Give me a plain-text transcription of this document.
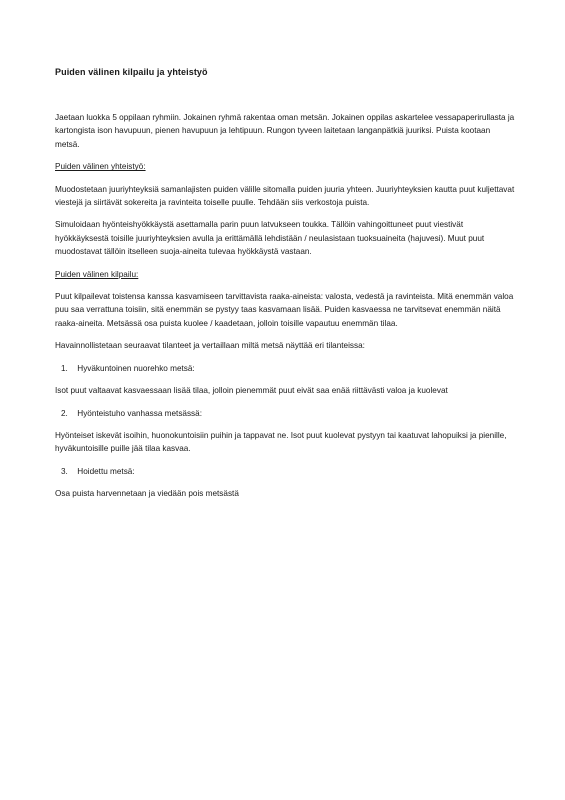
Puiden välinen kilpailu ja yhteistyö

Jaetaan luokka 5 oppilaan ryhmiin. Jokainen ryhmä rakentaa oman metsän. Jokainen oppilas askartelee vessapaperirullasta ja kartongista ison havupuun, pienen havupuun ja lehtipuun. Rungon tyveen laitetaan langanpätkiä juuriksi. Puista kootaan metsä.

Puiden välinen yhteistyö:

Muodostetaan juuriyhteyksiä samanlajisten puiden välille sitomalla puiden juuria yhteen. Juuriyhteyksien kautta puut kuljettavat viestejä ja siirtävät sokereita ja ravinteita toiselle puulle. Tehdään siis verkostoja puista.

Simuloidaan hyönteishyökkäystä asettamalla parin puun latvukseen toukka. Tällöin vahingoittuneet puut viestivät hyökkäyksestä toisille juuriyhteyksien avulla ja erittämällä lehdistään / neulasistaan tuoksuaineita (hajuvesi). Muut puut muodostavat tällöin itselleen suoja-aineita tulevaa hyökkäystä vastaan.

Puiden välinen kilpailu:

Puut kilpailevat toistensa kanssa kasvamiseen tarvittavista raaka-aineista: valosta, vedestä ja ravinteista. Mitä enemmän valoa puu saa verrattuna toisiin, sitä enemmän se pystyy taas kasvamaan lisää. Puiden kasvaessa ne tarvitsevat enemmän näitä raaka-aineita. Metsässä osa puista kuolee / kaadetaan, jolloin toisille vapautuu enemmän tilaa.

Havainnollistetaan seuraavat tilanteet ja vertaillaan miltä metsä näyttää eri tilanteissa:

1. Hyväkuntoinen nuorehko metsä:

Isot puut valtaavat kasvaessaan lisää tilaa, jolloin pienemmät puut eivät saa enää riittävästi valoa ja kuolevat

2. Hyönteistuho vanhassa metsässä:

Hyönteiset iskevät isoihin, huonokuntoisiin puihin ja tappavat ne. Isot puut kuolevat pystyyn tai kaatuvat lahopuiksi ja pienille, hyväkuntoisille puille jää tilaa kasvaa.

3. Hoidettu metsä:

Osa puista harvennetaan ja viedään pois metsästä
